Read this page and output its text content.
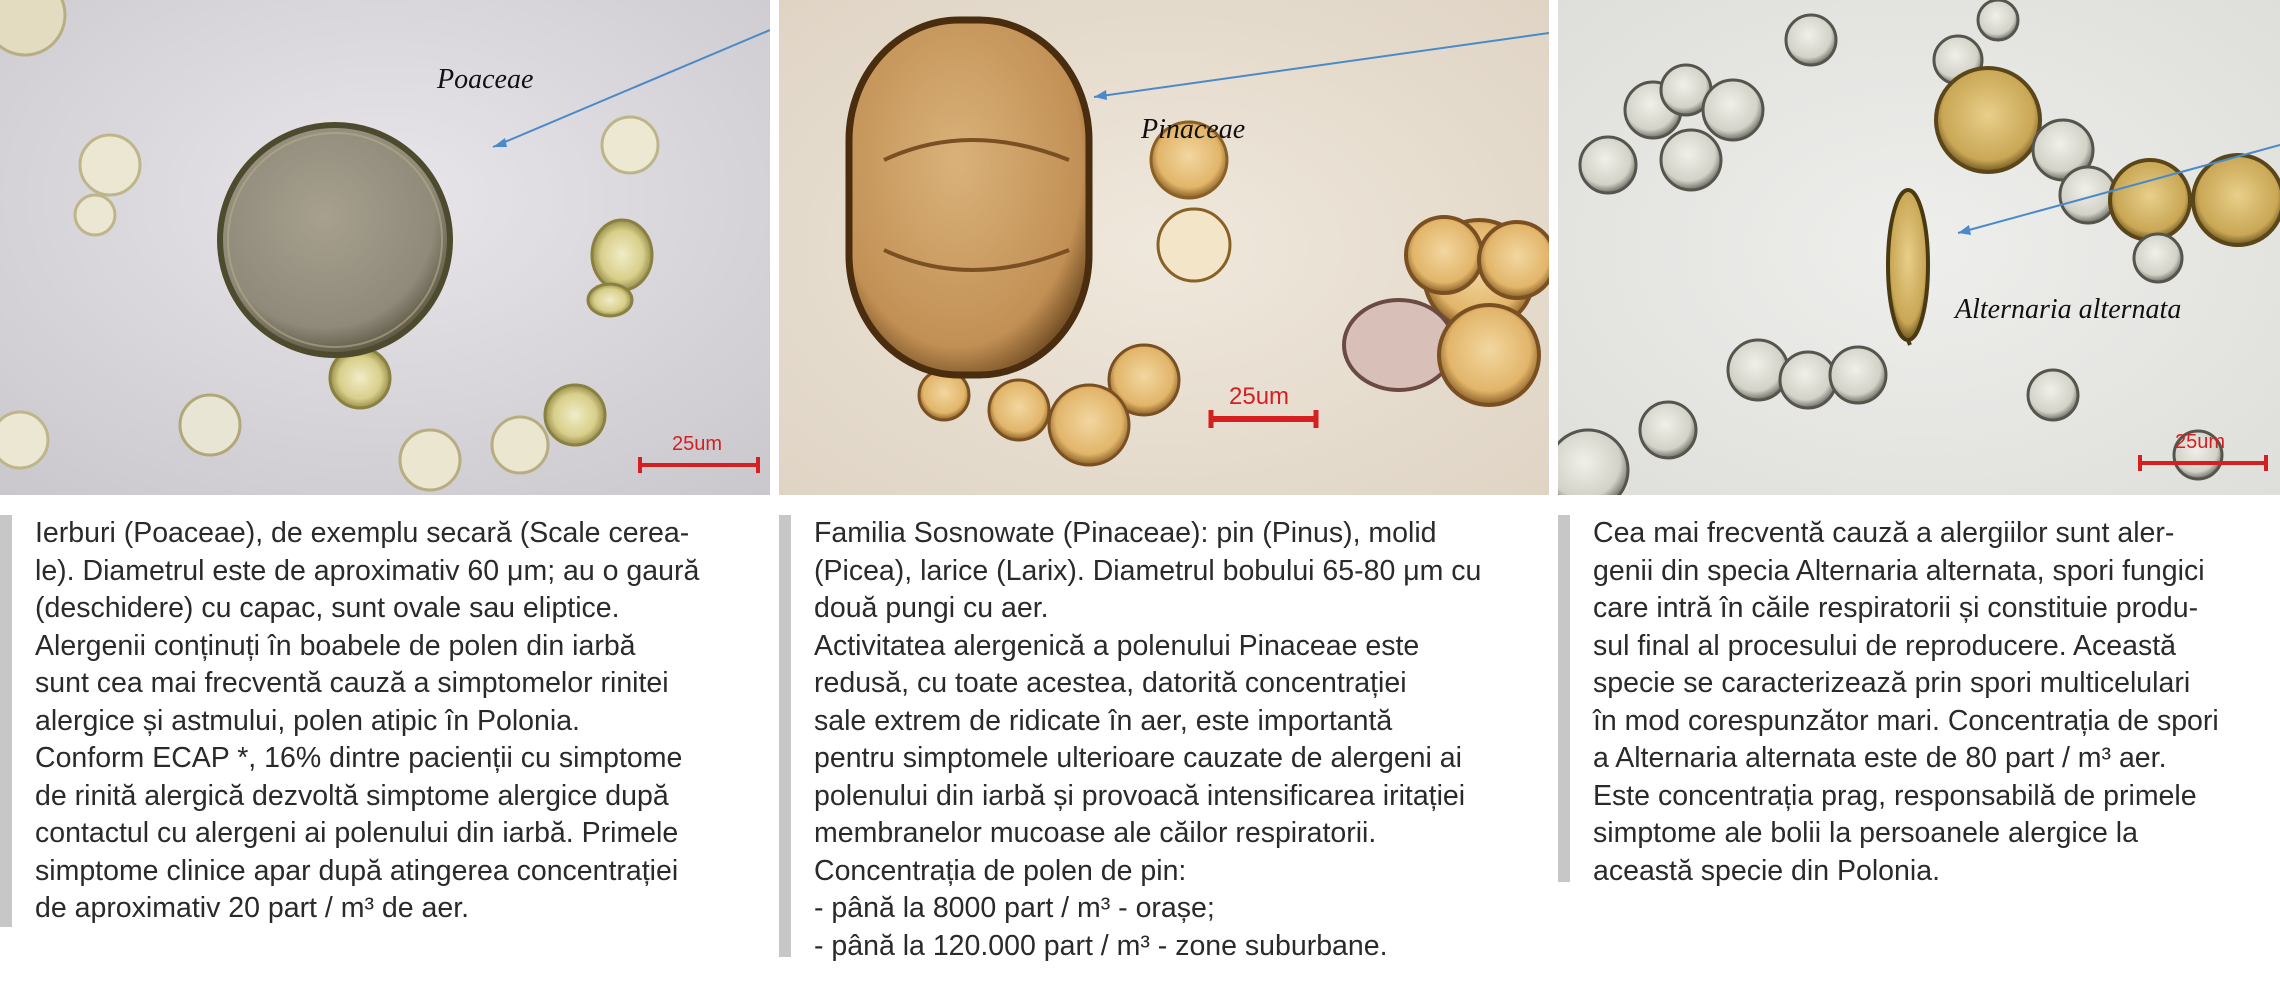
Poaceae
25um
Pinaceae
25um
Alternaria alternata
25um
Ierburi (Poaceae), de exemplu secară (Scale cerea-
le). Diametrul este de aproximativ 60 μm; au o gaură
(deschidere) cu capac, sunt ovale sau eliptice.
Alergenii conținuți în boabele de polen din iarbă
sunt cea mai frecventă cauză a simptomelor rinitei
alergice și astmului, polen atipic în Polonia.
Conform ECAP *, 16% dintre pacienții cu simptome
de rinită alergică dezvoltă simptome alergice după
contactul cu alergeni ai polenului din iarbă. Primele
simptome clinice apar după atingerea concentrației
de aproximativ 20 part / m³ de aer.
Familia Sosnowate (Pinaceae): pin (Pinus), molid
(Picea), larice (Larix). Diametrul bobului 65-80 μm cu
două pungi cu aer.
Activitatea alergenică a polenului Pinaceae este
redusă, cu toate acestea, datorită concentrației
sale extrem de ridicate în aer, este importantă
pentru simptomele ulterioare cauzate de alergeni ai
polenului din iarbă și provoacă intensificarea iritației
membranelor mucoase ale căilor respiratorii.
Concentrația de polen de pin:
- până la 8000 part / m³ - orașe;
- până la 120.000 part / m³ - zone suburbane.
Cea mai frecventă cauză a alergiilor sunt aler-
genii din specia Alternaria alternata, spori fungici
care intră în căile respiratorii și constituie produ-
sul final al procesului de reproducere. Această
specie se caracterizează prin spori multicelulari
în mod corespunzător mari. Concentrația de spori
a Alternaria alternata este de 80 part / m³ aer.
Este concentrația prag, responsabilă de primele
simptome ale bolii la persoanele alergice la
această specie din Polonia.
